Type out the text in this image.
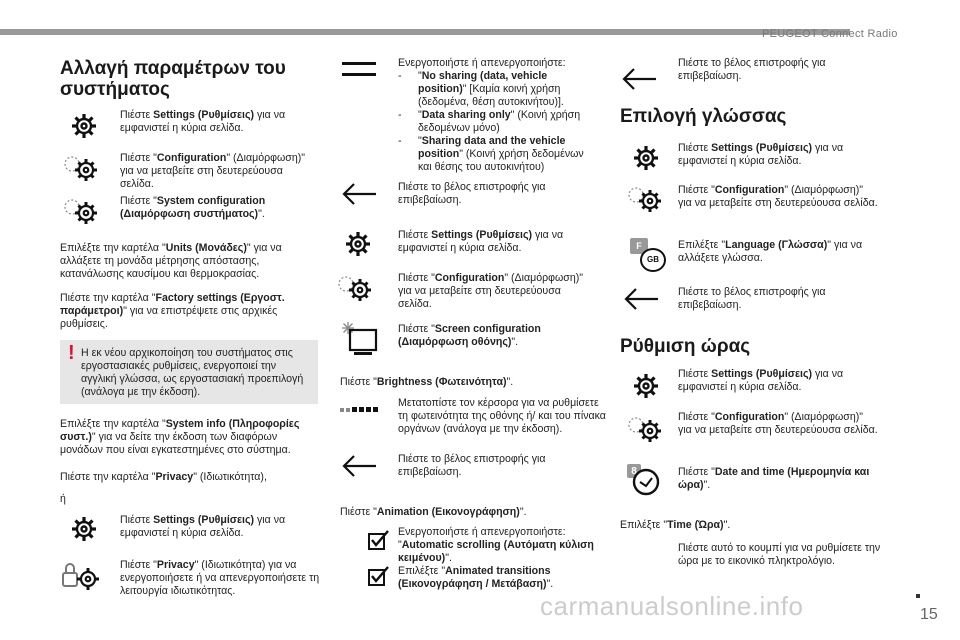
PEUGEOT Connect Radio
Αλλαγή παραμέτρων του συστήματος

Πιέστε Settings (Ρυθμίσεις) για να εμφανιστεί η κύρια σελίδα.

Πιέστε "Configuration" (Διαμόρφωση)" για να μεταβείτε στη δευτερεύουσα σελίδα.

Πιέστε "System configuration (Διαμόρφωση συστήματος)".

Επιλέξτε την καρτέλα "Units (Μονάδες)" για να αλλάξετε τη μονάδα μέτρησης απόστασης, κατανάλωσης καυσίμου και θερμοκρασίας.

Πιέστε την καρτέλα "Factory settings (Εργοστ. παράμετροι)" για να επιστρέψετε στις αρχικές ρυθμίσεις.

! Η εκ νέου αρχικοποίηση του συστήματος στις εργοστασιακές ρυθμίσεις, ενεργοποιεί την αγγλική γλώσσα, ως εργοστασιακή προεπιλογή (ανάλογα με την έκδοση).

Επιλέξτε την καρτέλα "System info (Πληροφορίες συστ.)" για να δείτε την έκδοση των διαφόρων μονάδων που είναι εγκατεστημένες στο σύστημα.

Πιέστε την καρτέλα "Privacy" (Ιδιωτικότητα),

ή

Πιέστε Settings (Ρυθμίσεις) για να εμφανιστεί η κύρια σελίδα.

Πιέστε "Privacy" (Ιδιωτικότητα) για να ενεργοποιήσετε ή να απενεργοποιήσετε τη λειτουργία ιδιωτικότητας.

Ενεργοποιήστε ή απενεργοποιήστε:

- "No sharing (data, vehicle position)" [Καμία κοινή χρήση (δεδομένα, θέση αυτοκινήτου)].

- "Data sharing only" (Κοινή χρήση δεδομένων μόνο)

- "Sharing data and the vehicle position" (Κοινή χρήση δεδομένων και θέσης του αυτοκινήτου)

Πιέστε το βέλος επιστροφής για επιβεβαίωση.

Πιέστε Settings (Ρυθμίσεις) για να εμφανιστεί η κύρια σελίδα.

Πιέστε "Configuration" (Διαμόρφωση)" για να μεταβείτε στη δευτερεύουσα σελίδα.

Πιέστε "Screen configuration (Διαμόρφωση οθόνης)".

Πιέστε "Brightness (Φωτεινότητα)".

Μετατοπίστε τον κέρσορα για να ρυθμίσετε τη φωτεινότητα της οθόνης ή/ και του πίνακα οργάνων (ανάλογα με την έκδοση).

Πιέστε το βέλος επιστροφής για επιβεβαίωση.

Πιέστε "Animation (Εικονογράφηση)".

Ενεργοποιήστε ή απενεργοποιήστε: "Automatic scrolling (Αυτόματη κύλιση κειμένου)".

Επιλέξτε "Animated transitions (Εικονογράφηση / Μετάβαση)".

Πιέστε το βέλος επιστροφής για επιβεβαίωση.

Επιλογή γλώσσας

Πιέστε Settings (Ρυθμίσεις) για να εμφανιστεί η κύρια σελίδα.

Πιέστε "Configuration" (Διαμόρφωση)" για να μεταβείτε στη δευτερεύουσα σελίδα.

F
GB

Επιλέξτε "Language (Γλώσσα)" για να αλλάξετε γλώσσα.

Πιέστε το βέλος επιστροφής για επιβεβαίωση.

Ρύθμιση ώρας

Πιέστε Settings (Ρυθμίσεις) για να εμφανιστεί η κύρια σελίδα.

Πιέστε "Configuration" (Διαμόρφωση)" για να μεταβείτε στη δευτερεύουσα σελίδα.

8	Πιέστε "Date and time (Ημερομηνία και ώρα)".

Επιλέξτε "Time (Ώρα)".

Πιέστε αυτό το κουμπί για να ρυθμίσετε την ώρα με το εικονικό πληκτρολόγιο.

15
carmanualsonline.info
